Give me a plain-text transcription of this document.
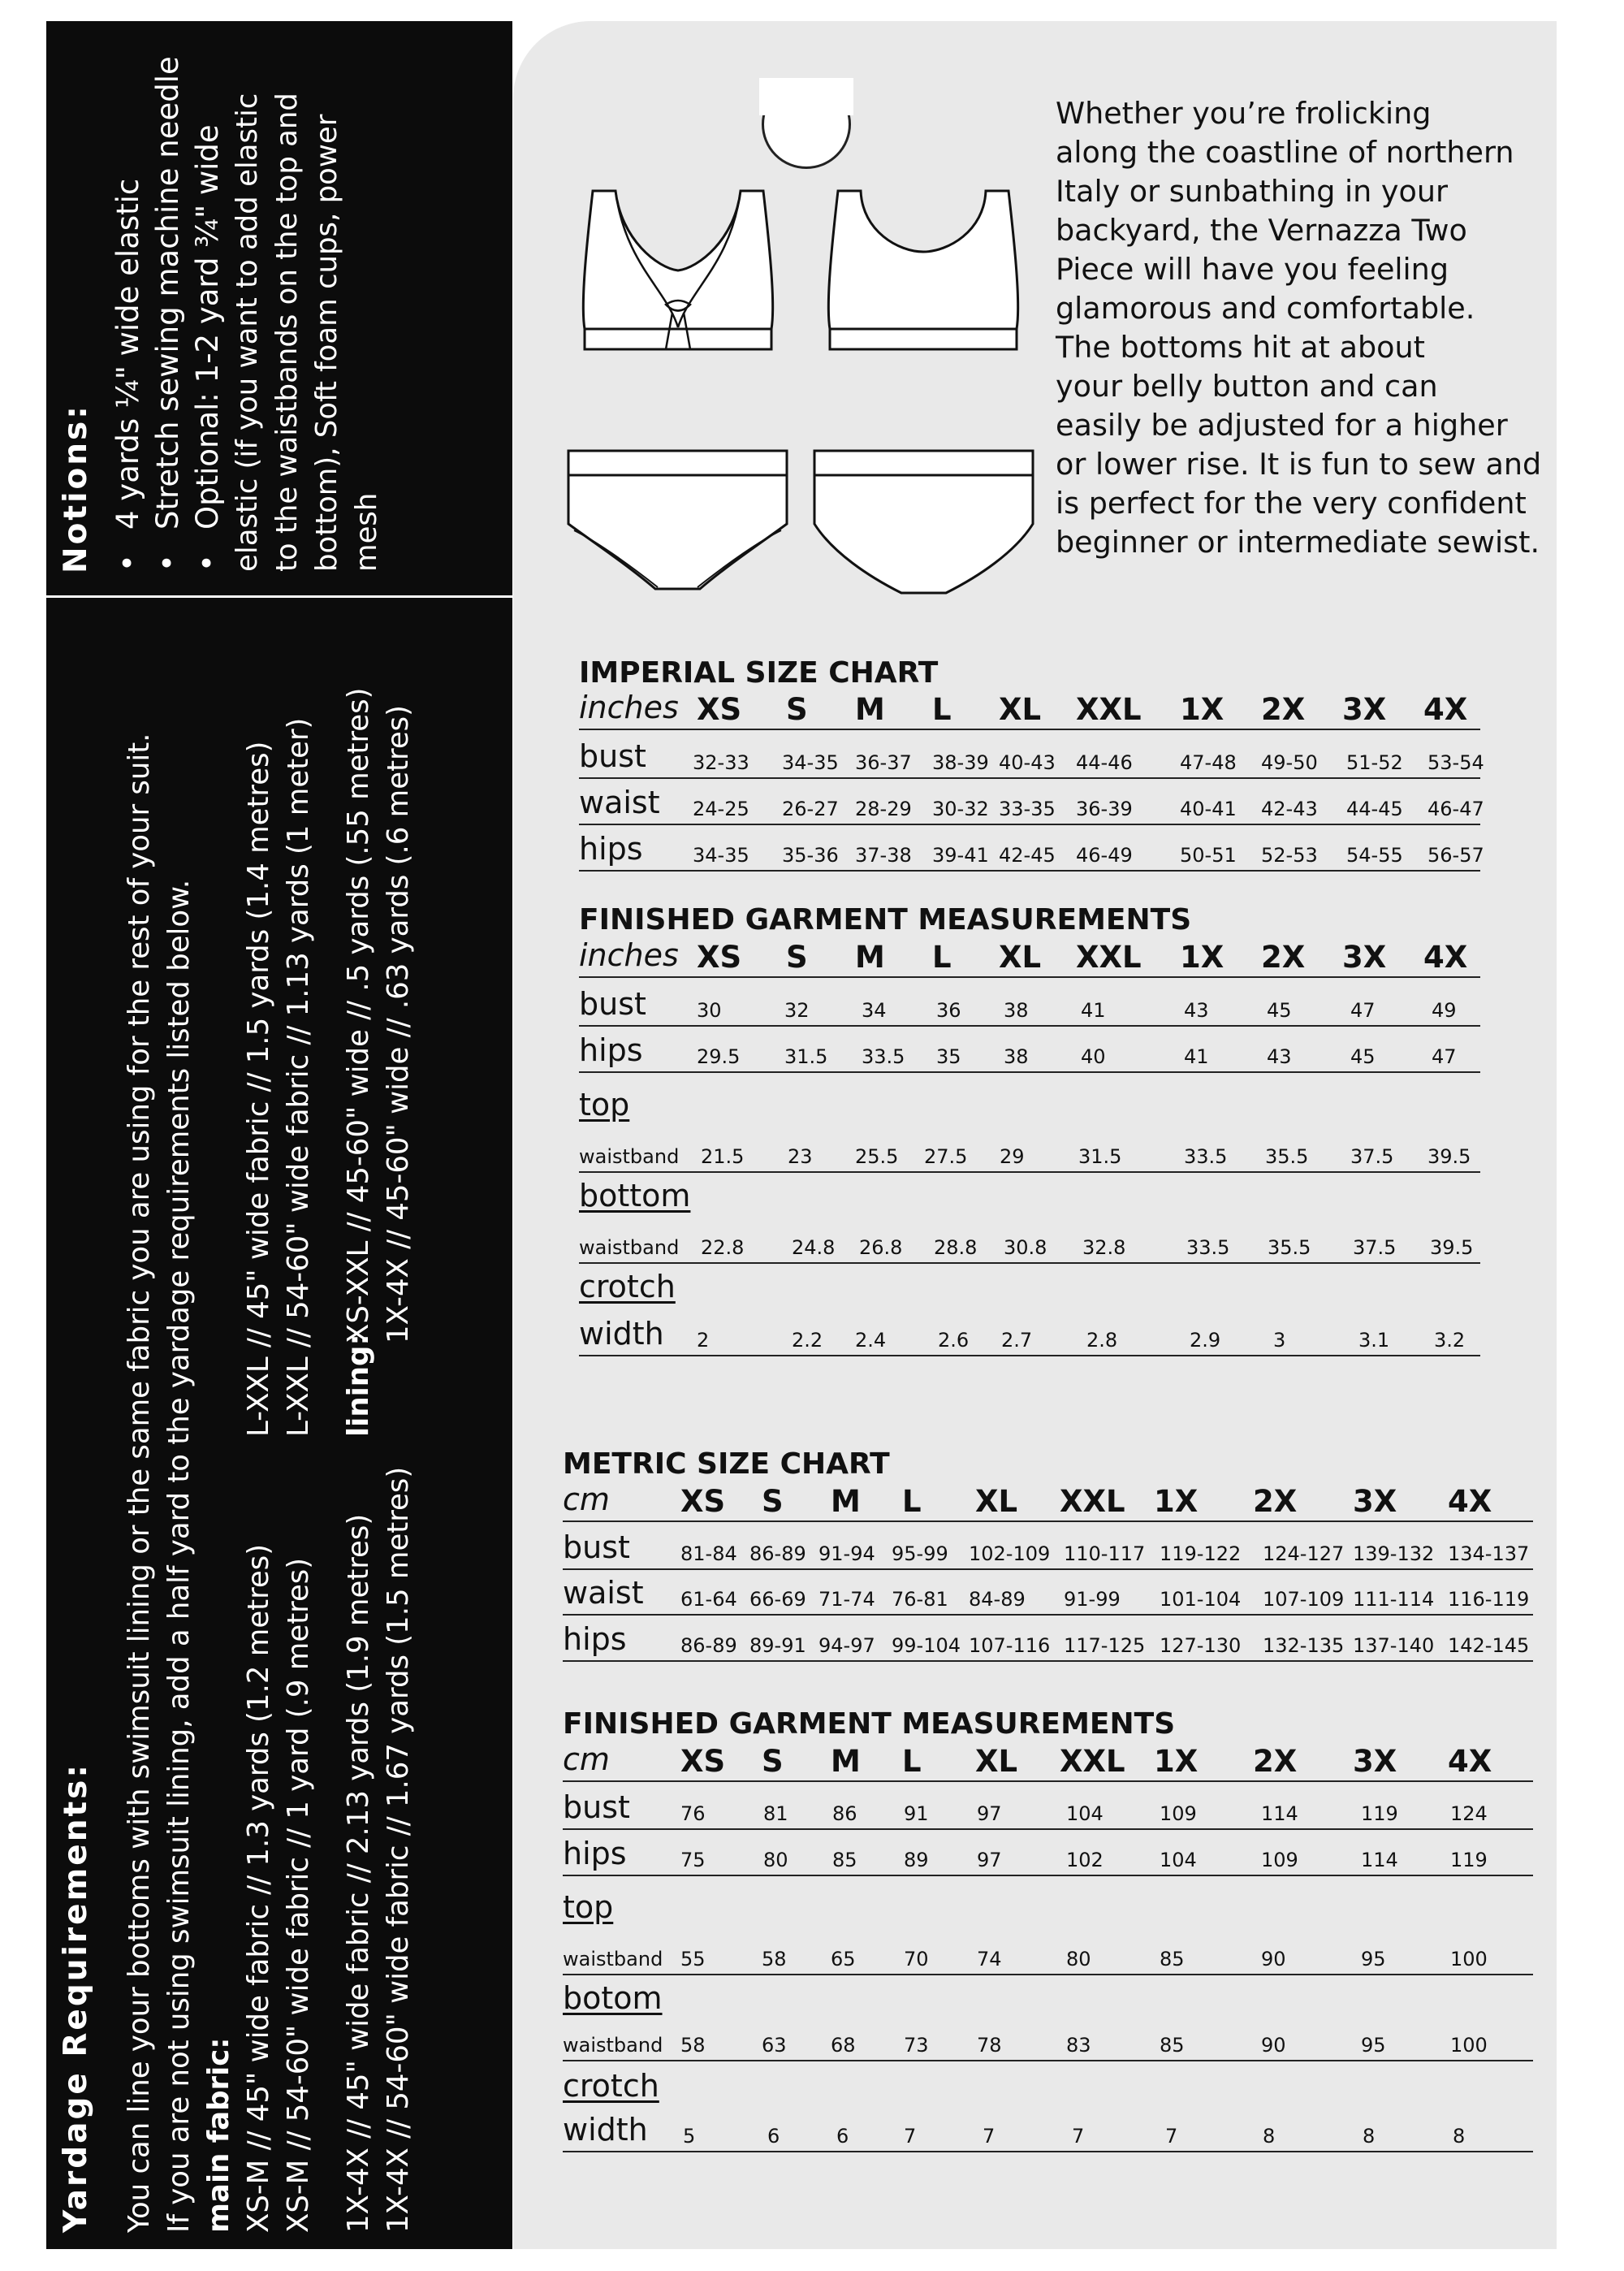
Notions: • 4 yards ¼" wide elastic • Stretch sewing machine needle • Optional: 1-2 yard ¾" wide elastic (if you want to add elastic to the waistbands on the top and bottom), Soft foam cups, power mesh
Yardage Requirements: You can line your bottoms with swimsuit lining or the same fabric you are using for the rest of your suit. If you are not using swimsuit lining, add a half yard to the yardage requirements listed below. main fabric: XS-M // 45" wide fabric // 1.3 yards (1.2 metres) XS-M // 54-60" wide fabric // 1 yard (.9 metres) 1X-4X // 45" wide fabric // 2.13 yards (1.9 metres) 1X-4X // 54-60" wide fabric // 1.67 yards (1.5 metres)
L-XXL // 45" wide fabric // 1.5 yards (1.4 metres) L-XXL // 54-60" wide fabric // 1.13 yards (1 meter) lining:
XS-XXL // 45-60" wide // .5 yards (.55 metres) 1X-4X // 45-60" wide // .63 yards (.6 metres)
Whether you’re frolicking
along the coastline of northern
Italy or sunbathing in your
backyard, the Vernazza Two
Piece will have you feeling
glamorous and comfortable.
The bottoms hit at about
your belly button and can
easily be adjusted for a higher
or lower rise. It is fun to sew and
is perfect for the very confident
beginner or intermediate sewist.
IMPERIAL SIZE CHART
inches XS S M L XL XXL 1X 2X 3X 4X
bust 32-33 34-35 36-37 38-39 40-43 44-46 47-48 49-50 51-52 53-54
waist 24-25 26-27 28-29 30-32 33-35 36-39 40-41 42-43 44-45 46-47
hips	34-35 35-36 37-38 39-41 42-45 46-49 50-51 52-53 54-55 56-57
FINISHED GARMENT MEASUREMENTS
inches XS S M L XL XXL 1X 2X 3X 4X
bust	30	32	34	36 38	41	43	45	47	49
hips	29.5 31.5 33.5 35 38	40	41	43	45	47
top
waistband 21.5 23 25.5 27.5 29	31.5	33.5 35.5 37.5 39.5
bottom
waistband 22.8 24.8 26.8 28.8 30.8 32.8	33.5 35.5 37.5 39.5
crotch
width 2	2.2 2.4	2.6 2.7	2.8	2.9	3	3.1 3.2
METRIC SIZE CHART
cm XS S M L XL XXL 1X 2X 3X 4X
bust	81-84 86-89 91-94 95-99 102-109 110-117 119-122 124-127 139-132 134-137
waist 61-64 66-69 71-74 76-81 84-89 91-99 101-104 107-109 111-114 116-119
hips	86-89 89-91 94-97 99-104 107-116 117-125 127-130 132-135 137-140 142-145
FINISHED GARMENT MEASUREMENTS
cm XS S M L XL XXL 1X 2X 3X 4X
bust	76	81 86 91 97	104	109	114	119	124
hips	75	80 85 89 97	102	104	109	114	119
top
waistband 55	58 65 70 74	80	85	90	95	100
botom
waistband 58	63 68 73 78	83	85	90	95	100
crotch
width 5	6	6	7	7	7	7	8	8	8
